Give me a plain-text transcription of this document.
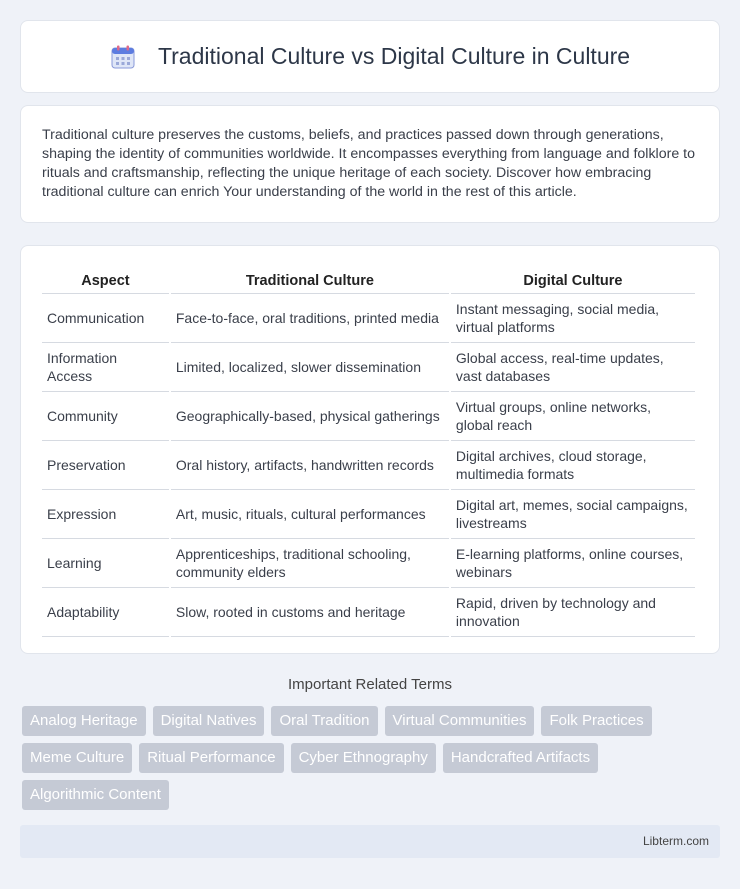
Traditional Culture vs Digital Culture in Culture

Traditional culture preserves the customs, beliefs, and practices passed down through generations, shaping the identity of communities worldwide. It encompasses everything from language and folklore to rituals and craftsmanship, reflecting the unique heritage of each society. Discover how embracing traditional culture can enrich Your understanding of the world in the rest of this article.

Aspect	Traditional Culture	Digital Culture
Communication	Face-to-face, oral traditions, printed media	Instant messaging, social media, virtual platforms
Information Access	Limited, localized, slower dissemination	Global access, real-time updates, vast databases
Community	Geographically-based, physical gatherings	Virtual groups, online networks, global reach
Preservation	Oral history, artifacts, handwritten records	Digital archives, cloud storage, multimedia formats
Expression	Art, music, rituals, cultural performances	Digital art, memes, social campaigns, livestreams
Learning	Apprenticeships, traditional schooling, community elders	E-learning platforms, online courses, webinars
Adaptability	Slow, rooted in customs and heritage	Rapid, driven by technology and innovation
Important Related Terms
Analog Heritage	Digital Natives	Oral Tradition	Virtual Communities	Folk Practices
Meme Culture	Ritual Performance	Cyber Ethnography	Handcrafted Artifacts
Algorithmic Content
Libterm.com
